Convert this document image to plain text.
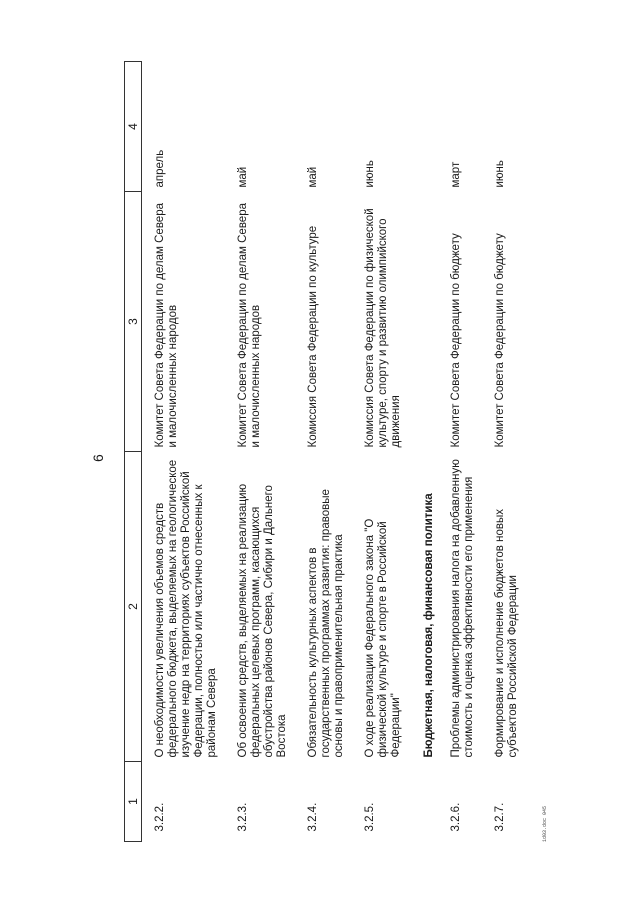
6
1	2	3	4
3.2.2.	О необходимости увеличения объемов средств федерального бюджета, выделяемых на геологическое изучение недр на территориях субъектов Российской Федерации, полностью или частично отнесенных к районам Севера	Комитет Совета Федерации по делам Севера и малочисленных народов	апрель
3.2.3.	Об освоении средств, выделяемых на реализацию федеральных целевых программ, касающихся обустройства районов Севера, Сибири и Дальнего Востока	Комитет Совета Федерации по делам Севера и малочисленных народов	май
3.2.4.	Обязательность культурных аспектов в государственных программах развития: правовые основы и правоприменительная практика	Комиссия Совета Федерации по культуре	май
3.2.5.	О ходе реализации Федерального закона "О физической культуре и спорте в Российской Федерации"	Комиссия Совета Федерации по физической культуре, спорту и развитию олимпийского движения	июнь
	Бюджетная, налоговая, финансовая политика		
3.2.6.	Проблемы администрирования налога на добавленную стоимость и оценка эффективности его применения	Комитет Совета Федерации по бюджету	март
3.2.7.	Формирование и исполнение бюджетов новых субъектов Российской Федерации	Комитет Совета Федерации по бюджету	июнь
1d03.doc 045
